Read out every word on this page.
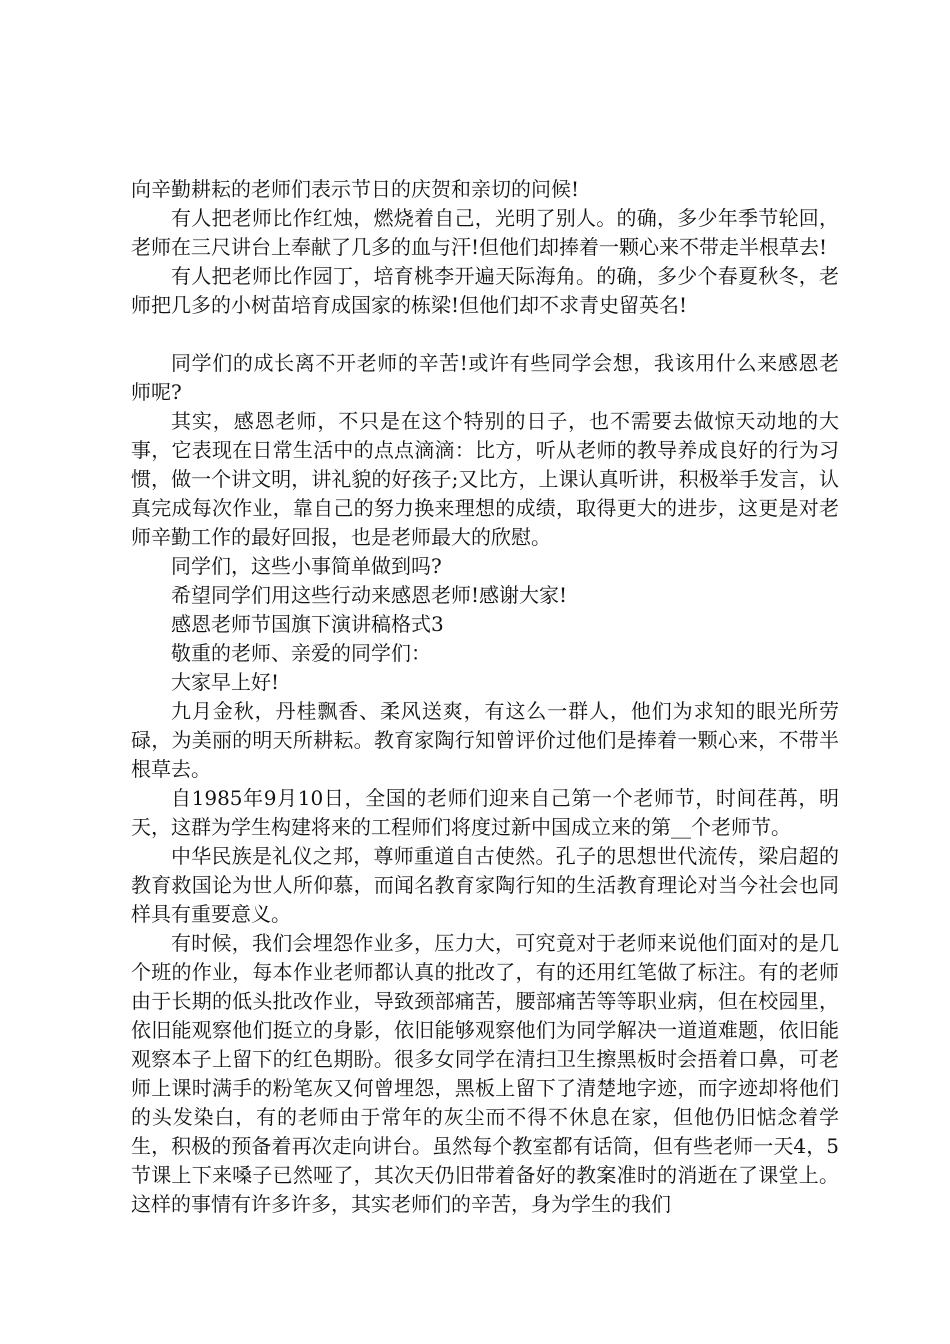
向辛勤耕耘的老师们表示节日的庆贺和亲切的问候!

有人把老师比作红烛，燃烧着自己，光明了别人。的确，多少年季节轮回，老师在三尺讲台上奉献了几多的血与汗!但他们却捧着一颗心来不带走半根草去!

有人把老师比作园丁，培育桃李开遍天际海角。的确，多少个春夏秋冬，老师把几多的小树苗培育成国家的栋梁!但他们却不求青史留英名!

同学们的成长离不开老师的辛苦!或许有些同学会想，我该用什么来感恩老师呢?

其实，感恩老师，不只是在这个特别的日子，也不需要去做惊天动地的大事，它表现在日常生活中的点点滴滴：比方，听从老师的教导养成良好的行为习惯，做一个讲文明，讲礼貌的好孩子;又比方，上课认真听讲，积极举手发言，认真完成每次作业，靠自己的努力换来理想的成绩，取得更大的进步，这更是对老师辛勤工作的最好回报，也是老师最大的欣慰。

同学们，这些小事简单做到吗?

希望同学们用这些行动来感恩老师!感谢大家!

感恩老师节国旗下演讲稿格式3

敬重的老师、亲爱的同学们：

大家早上好!

九月金秋，丹桂飘香、柔风送爽，有这么一群人，他们为求知的眼光所劳碌，为美丽的明天所耕耘。教育家陶行知曾评价过他们是捧着一颗心来，不带半根草去。

自1985年9月10日，全国的老师们迎来自己第一个老师节，时间荏苒，明天，这群为学生构建将来的工程师们将度过新中国成立来的第__个老师节。

中华民族是礼仪之邦，尊师重道自古使然。孔子的思想世代流传，梁启超的教育救国论为世人所仰慕，而闻名教育家陶行知的生活教育理论对当今社会也同样具有重要意义。

有时候，我们会埋怨作业多，压力大，可究竟对于老师来说他们面对的是几个班的作业，每本作业老师都认真的批改了，有的还用红笔做了标注。有的老师由于长期的低头批改作业，导致颈部痛苦，腰部痛苦等等职业病，但在校园里，依旧能观察他们挺立的身影，依旧能够观察他们为同学解决一道道难题，依旧能观察本子上留下的红色期盼。很多女同学在清扫卫生擦黑板时会捂着口鼻，可老师上课时满手的粉笔灰又何曾埋怨，黑板上留下了清楚地字迹，而字迹却将他们的头发染白，有的老师由于常年的灰尘而不得不休息在家，但他仍旧惦念着学生，积极的预备着再次走向讲台。虽然每个教室都有话筒，但有些老师一天4，5节课上下来嗓子已然哑了，其次天仍旧带着备好的教案准时的消逝在了课堂上。这样的事情有许多许多，其实老师们的辛苦，身为学生的我们
